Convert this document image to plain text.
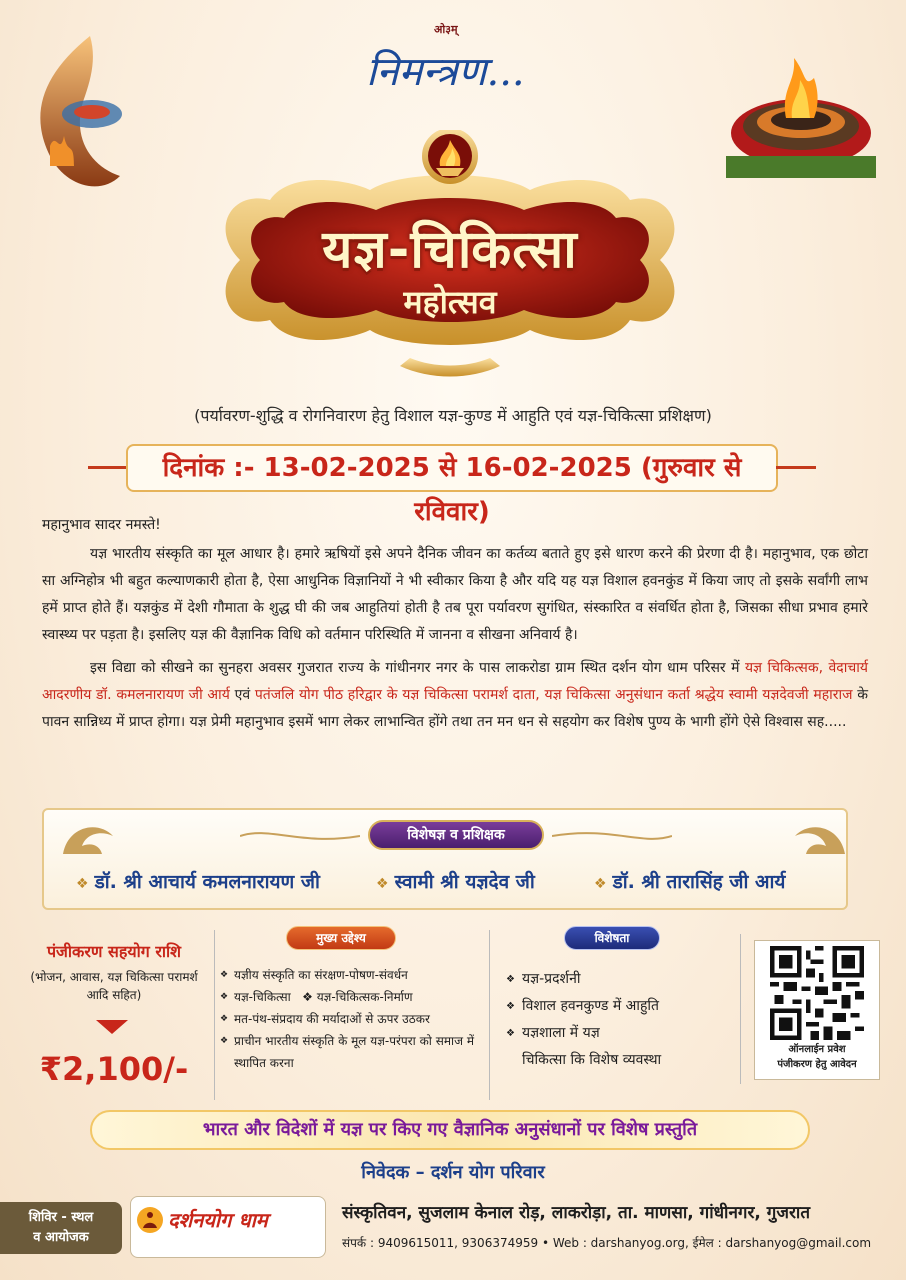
ओ३म्
निमन्त्रण...
यज्ञ-चिकित्सा
महोत्सव
(पर्यावरण-शुद्धि व रोगनिवारण हेतु विशाल यज्ञ-कुण्ड में आहुति एवं यज्ञ-चिकित्सा प्रशिक्षण)
दिनांक :- 13-02-2025 से 16-02-2025 (गुरुवार से रविवार)
महानुभाव सादर नमस्ते!

यज्ञ भारतीय संस्कृति का मूल आधार है। हमारे ऋषियों इसे अपने दैनिक जीवन का कर्तव्य बताते हुए इसे धारण करने की प्रेरणा दी है। महानुभाव, एक छोटा सा अग्निहोत्र भी बहुत कल्याणकारी होता है, ऐसा आधुनिक विज्ञानियों ने भी स्वीकार किया है और यदि यह यज्ञ विशाल हवनकुंड में किया जाए तो इसके सर्वांगी लाभ हमें प्राप्त होते हैं। यज्ञकुंड में देशी गौमाता के शुद्ध घी की जब आहुतियां होती है तब पूरा पर्यावरण सुगंधित, संस्कारित व संवर्धित होता है, जिसका सीधा प्रभाव हमारे स्वास्थ्य पर पड़ता है। इसलिए यज्ञ की वैज्ञानिक विधि को वर्तमान परिस्थिति में जानना व सीखना अनिवार्य है।

इस विद्या को सीखने का सुनहरा अवसर गुजरात राज्य के गांधीनगर नगर के पास लाकरोडा ग्राम स्थित दर्शन योग धाम परिसर में यज्ञ चिकित्सक, वेदाचार्य आदरणीय डॉ. कमलनारायण जी आर्य एवं पतंजलि योग पीठ हरिद्वार के यज्ञ चिकित्सा परामर्श दाता, यज्ञ चिकित्सा अनुसंधान कर्ता श्रद्धेय स्वामी यज्ञदेवजी महाराज के पावन सान्निध्य में प्राप्त होगा। यज्ञ प्रेमी महानुभाव इसमें भाग लेकर लाभान्वित होंगे तथा तन मन धन से सहयोग कर विशेष पुण्य के भागी होंगे ऐसे विश्वास सह.....

विशेषज्ञ व प्रशिक्षक
❖ डॉ. श्री आचार्य कमलनारायण जी	❖ स्वामी श्री यज्ञदेव जी	❖ डॉ. श्री तारासिंह जी आर्य
पंजीकरण सहयोग राशि
(भोजन, आवास, यज्ञ चिकित्सा परामर्श आदि सहित)
₹2,100/-
मुख्य उद्देश्य
❖ यज्ञीय संस्कृति का संरक्षण-पोषण-संवर्धन
❖ यज्ञ-चिकित्सा   ❖ यज्ञ-चिकित्सक-निर्माण
❖ मत-पंथ-संप्रदाय की मर्यादाओं से ऊपर उठकर
❖ प्राचीन भारतीय संस्कृति के मूल यज्ञ-परंपरा को समाज में स्थापित करना
विशेषता
❖ यज्ञ-प्रदर्शनी
❖ विशाल हवनकुण्ड में आहुति
❖ यज्ञशाला में यज्ञ
चिकित्सा कि विशेष व्यवस्था
ऑनलाईन प्रवेश
पंजीकरण हेतु आवेदन
भारत और विदेशों में यज्ञ पर किए गए वैज्ञानिक अनुसंधानों पर विशेष प्रस्तुति
निवेदक – दर्शन योग परिवार
शिविर - स्थल
व आयोजक
दर्शनयोग धाम	संस्कृतिवन, सुजलाम केनाल रोड़, लाकरोड़ा, ता. माणसा, गांधीनगर, गुजरात
संपर्क : 9409615011, 9306374959 • Web : darshanyog.org, ईमेल : darshanyog@gmail.com
